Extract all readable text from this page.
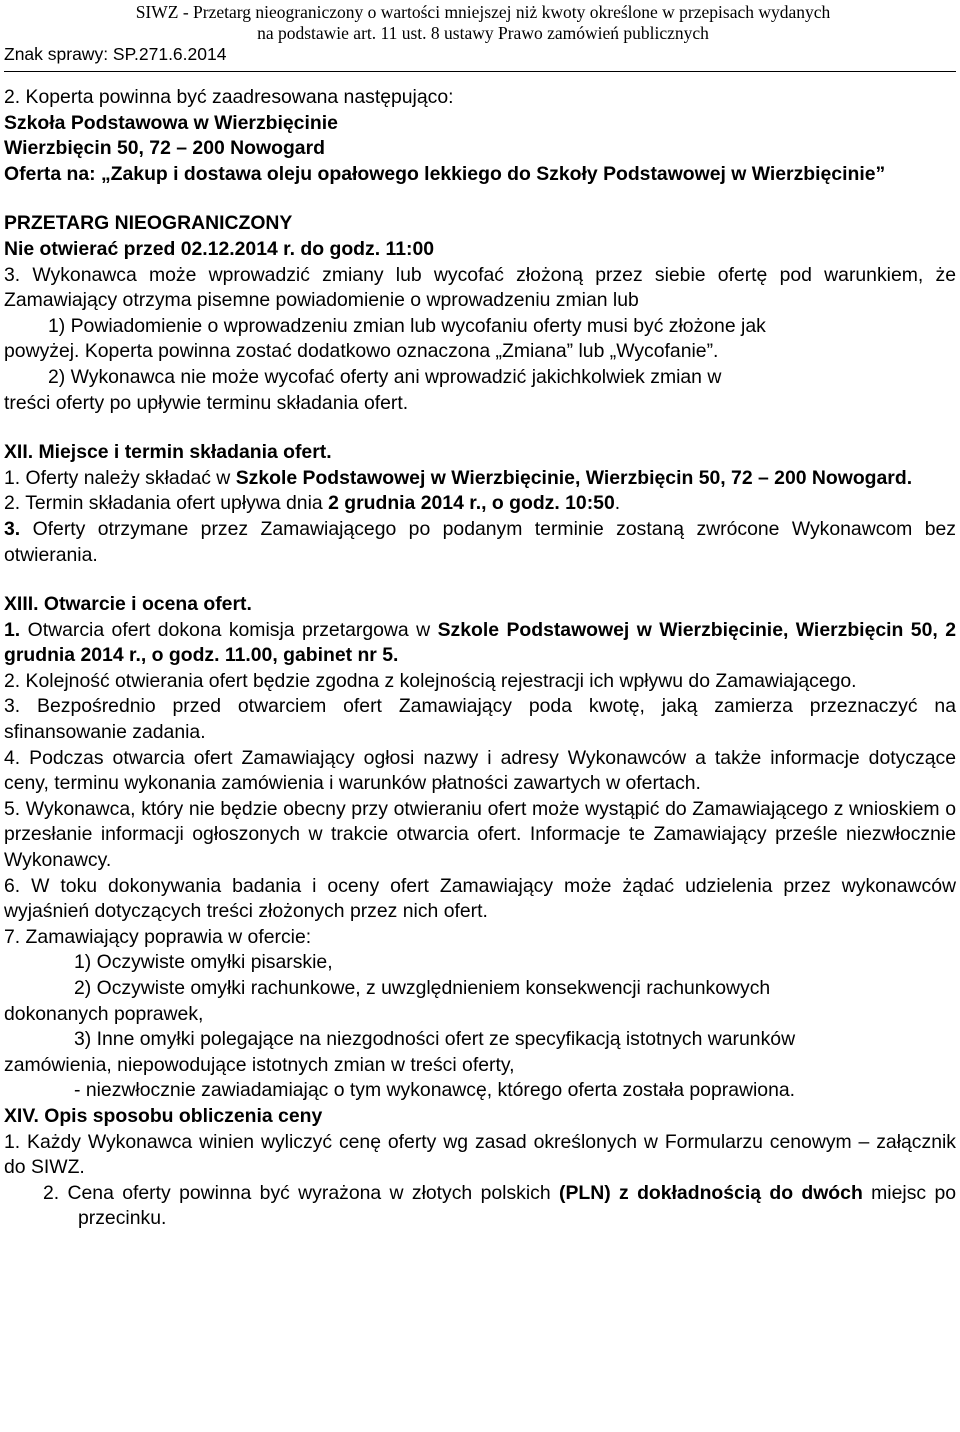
SIWZ - Przetarg nieograniczony o wartości mniejszej niż kwoty określone w przepisach wydanych
na podstawie art. 11 ust. 8 ustawy Prawo zamówień publicznych
Znak sprawy: SP.271.6.2014

2. Koperta powinna być zaadresowana następująco:

Szkoła Podstawowa w Wierzbięcinie

Wierzbięcin 50, 72 – 200 Nowogard

Oferta na: „Zakup i dostawa oleju opałowego lekkiego do Szkoły Podstawowej w Wierzbięcinie”

PRZETARG NIEOGRANICZONY

Nie otwierać przed 02.12.2014 r. do godz. 11:00

3. Wykonawca może wprowadzić zmiany lub wycofać złożoną przez siebie ofertę pod warunkiem, że Zamawiający otrzyma pisemne powiadomienie o wprowadzeniu zmian lub

1) Powiadomienie o wprowadzeniu zmian lub wycofaniu oferty musi być złożone jak

powyżej. Koperta powinna zostać dodatkowo oznaczona „Zmiana” lub „Wycofanie”.

2) Wykonawca nie może wycofać oferty ani wprowadzić jakichkolwiek zmian w

treści oferty po upływie terminu składania ofert.

XII. Miejsce i termin składania ofert.

1. Oferty należy składać w Szkole Podstawowej w Wierzbięcinie, Wierzbięcin 50, 72 – 200 Nowogard.

2. Termin składania ofert upływa dnia 2 grudnia 2014 r., o godz. 10:50.

3. Oferty otrzymane przez Zamawiającego po podanym terminie zostaną zwrócone Wykonawcom bez otwierania.

XIII. Otwarcie i ocena ofert.

1. Otwarcia ofert dokona komisja przetargowa w Szkole Podstawowej w Wierzbięcinie, Wierzbięcin 50, 2 grudnia 2014 r., o godz. 11.00, gabinet nr 5.

2. Kolejność otwierania ofert będzie zgodna z kolejnością rejestracji ich wpływu do Zamawiającego.

3. Bezpośrednio przed otwarciem ofert Zamawiający poda kwotę, jaką zamierza przeznaczyć na sfinansowanie zadania.

4. Podczas otwarcia ofert Zamawiający ogłosi nazwy i adresy Wykonawców a także informacje dotyczące ceny, terminu wykonania zamówienia i warunków płatności zawartych w ofertach.

5. Wykonawca, który nie będzie obecny przy otwieraniu ofert może wystąpić do Zamawiającego z wnioskiem o przesłanie informacji ogłoszonych w trakcie otwarcia ofert. Informacje te Zamawiający prześle niezwłocznie Wykonawcy.

6. W toku dokonywania badania i oceny ofert Zamawiający może żądać udzielenia przez wykonawców wyjaśnień dotyczących treści złożonych przez nich ofert.

7. Zamawiający poprawia w ofercie:

1) Oczywiste omyłki pisarskie,

2) Oczywiste omyłki rachunkowe, z uwzględnieniem konsekwencji rachunkowych

dokonanych poprawek,

3) Inne omyłki polegające na niezgodności ofert ze specyfikacją istotnych warunków

zamówienia, niepowodujące istotnych zmian w treści oferty,

- niezwłocznie zawiadamiając o tym wykonawcę, którego oferta została poprawiona.

XIV. Opis sposobu obliczenia ceny

1. Każdy Wykonawca winien wyliczyć cenę oferty wg zasad określonych w Formularzu cenowym – załącznik do SIWZ.

2. Cena oferty powinna być wyrażona w złotych polskich (PLN) z dokładnością do dwóch miejsc po przecinku.
